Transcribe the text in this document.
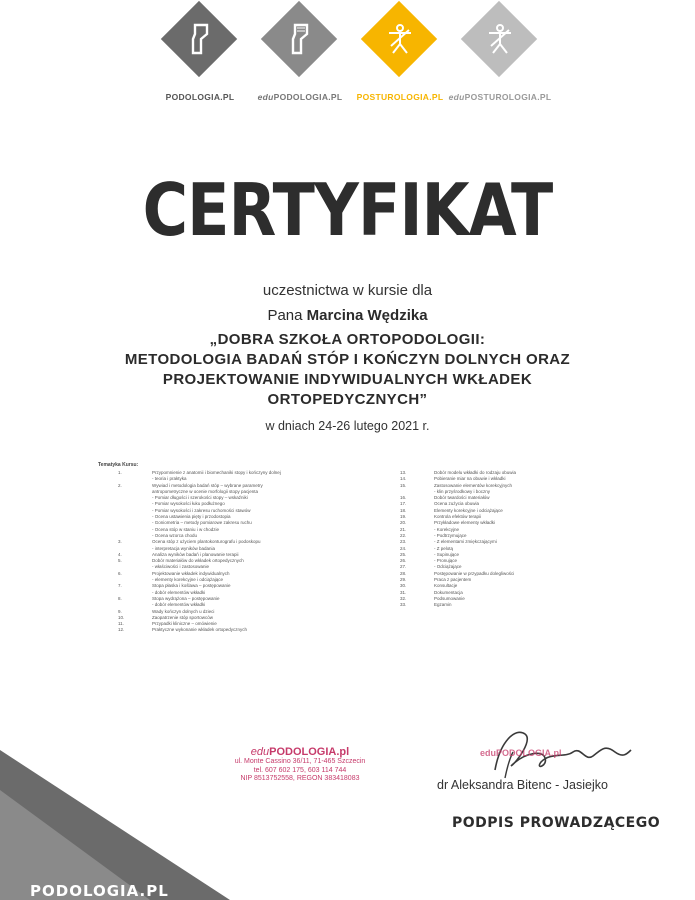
PODOLOGIA.PL	eduPODOLOGIA.PL	POSTUROLOGIA.PL eduPOSTUROLOGIA.PL
CERTYFIKAT
uczestnictwa w kursie dla
Pana Marcina Wędzika
„DOBRA SZKOŁA ORTOPODOLOGII:
METODOLOGIA BADAŃ STÓP I KOŃCZYN DOLNYCH ORAZ
PROJEKTOWANIE INDYWIDUALNYCH WKŁADEK
ORTOPEDYCZNYCH”
w dniach 24-26 lutego 2021 r.
Tematyka Kursu:
1.	Przypomnienie z anatomii i biomechaniki stopy i kończyny dolnej
- teoria i praktyka
2.	Wywiad i metodologia badań stóp – wybrane parametry
antropometryczne w ocenie morfologii stopy pacjenta
- Pomiar długości i szerokości stopy – wskaźniki
- Pomiar wysokości łuku podłużnego
- Pomiar wysokości i zakresu ruchomości stawów
- Ocena ustawienia pięty i przodostopia
- Goniometria – metody pomiarowe zakresu ruchu
- Ocena stóp w staniu i w chodzie
- Ocena wzorca chodu
3.	Ocena stóp z użyciem plantokonturografu i podoskopu
- interpretacja wyników badania
4.	Analiza wyników badań i planowanie terapii
5.	Dobór materiałów do wkładek ortopedycznych
- właściwości i zastosowanie
6.	Projektowanie wkładek indywidualnych
- elementy korekcyjne i odciążające
7.	Stopa płaska i koślawa – postępowanie
- dobór elementów wkładki
8.	Stopa wydrążona – postępowanie
- dobór elementów wkładki
9.	Wady kończyn dolnych u dzieci
10.	Zaopatrzenie stóp sportowców
11.	Przypadki kliniczne – omówienie
12.	Praktyczne wykonanie wkładek ortopedycznych
13.	Dobór modelu wkładki do rodzaju obuwia
14.	Pobieranie miar na obuwie i wkładki
15.	Zastosowanie elementów korekcyjnych
- klin przyśrodkowy i boczny
16.	Dobór twardości materiałów
17.	Ocena zużycia obuwia
18.	Elementy korekcyjne i odciążające
19.	Kontrola efektów terapii
20.	Przykładowe elementy wkładki
21.	- Korekcyjne
22.	- Podtrzymujące
23.	- Z elementami zmiękczającymi
24.	- Z pelotą
25.	- Supinujące
26.	- Pronujące
27.	- Odciążające
28.	Postępowanie w przypadku dolegliwości
29.	Praca z pacjentem
30.	Konsultacje
31.	Dokumentacja
32.	Podsumowanie
33.	Egzamin
eduPODOLOGIA.pl
ul. Monte Cassino 36/11, 71-465 Szczecin
tel. 607 602 175, 603 114 744
NIP 8513752558, REGON 383418083
eduPODOLOGIA.pl
dr Aleksandra Bitenc - Jasiejko
PODPIS PROWADZĄCEGO
PODOLOGIA.PL
